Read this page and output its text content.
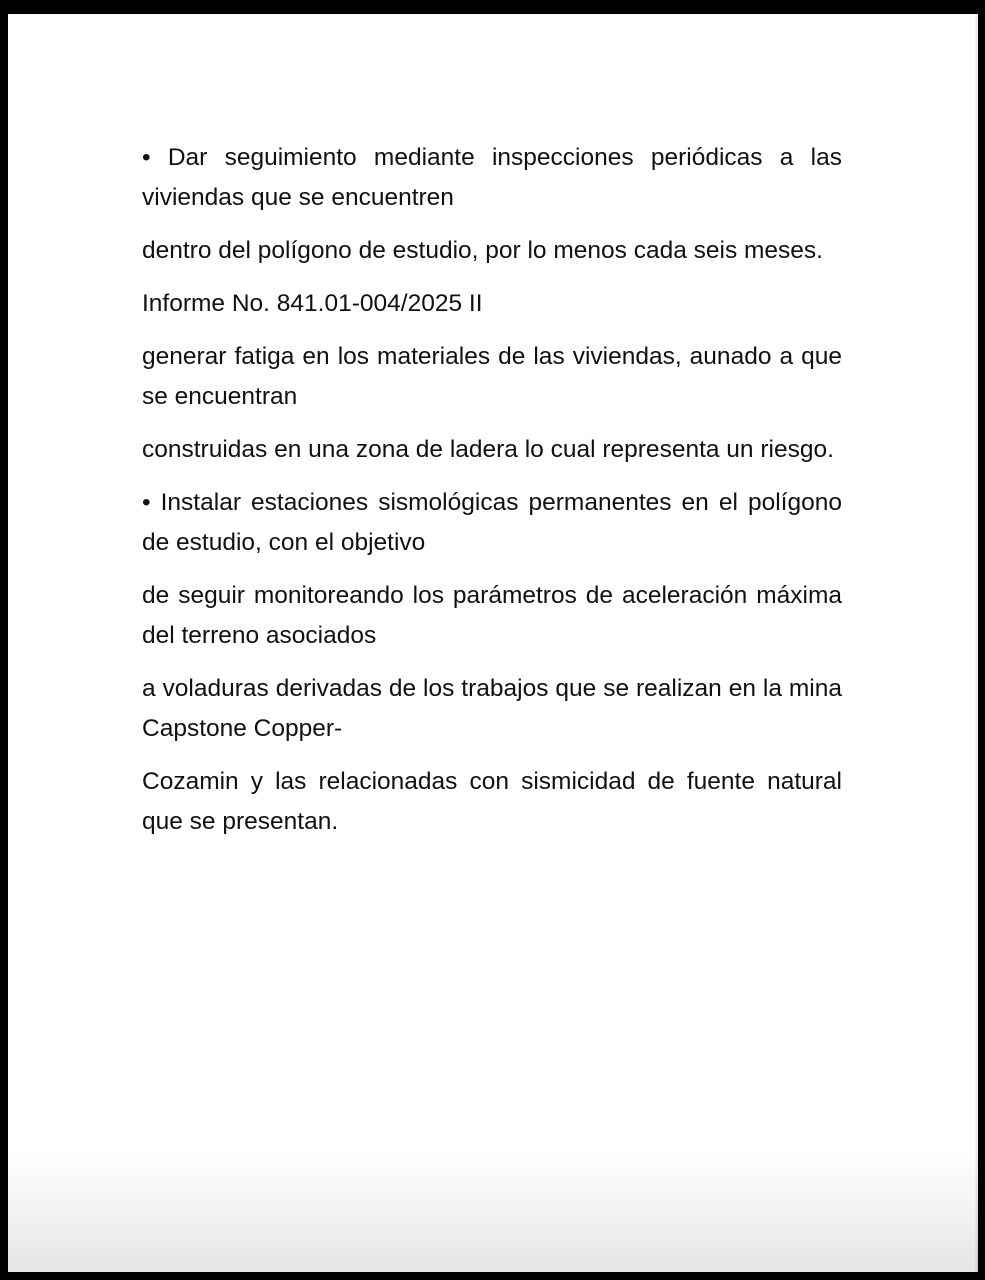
• Dar seguimiento mediante inspecciones periódicas a las viviendas que se encuentren

dentro del polígono de estudio, por lo menos cada seis meses.

Informe No. 841.01-004/2025 II

generar fatiga en los materiales de las viviendas, aunado a que se encuentran

construidas en una zona de ladera lo cual representa un riesgo.

• Instalar estaciones sismológicas permanentes en el polígono de estudio, con el objetivo

de seguir monitoreando los parámetros de aceleración máxima del terreno asociados

a voladuras derivadas de los trabajos que se realizan en la mina Capstone Copper-

Cozamin y las relacionadas con sismicidad de fuente natural que se presentan.
